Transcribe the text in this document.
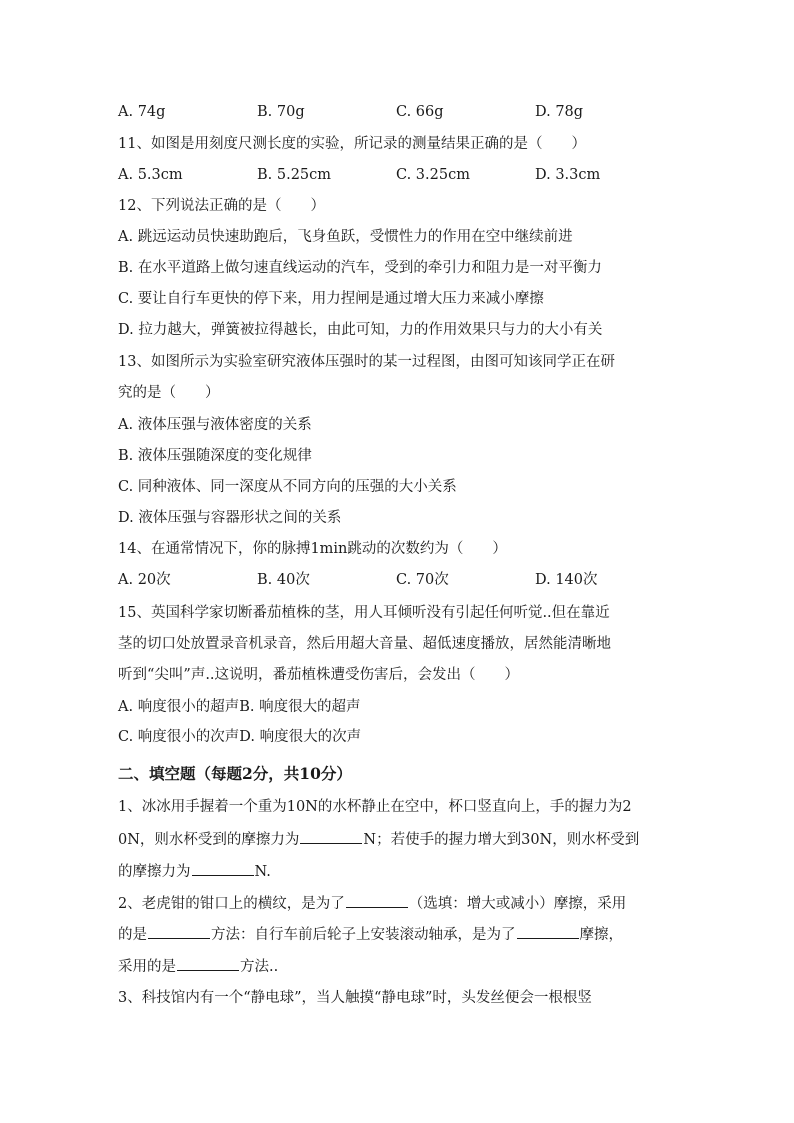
A. 74g	B. 70g	C. 66g	D. 78g
11、如图是用刻度尺测长度的实验，所记录的测量结果正确的是（　　）
A. 5.3cm	B. 5.25cm	C. 3.25cm	D. 3.3cm
12、下列说法正确的是（　　）
A. 跳远运动员快速助跑后，飞身鱼跃，受惯性力的作用在空中继续前进
B. 在水平道路上做匀速直线运动的汽车，受到的牵引力和阻力是一对平衡力
C. 要让自行车更快的停下来，用力捏闸是通过增大压力来减小摩擦
D. 拉力越大，弹簧被拉得越长，由此可知，力的作用效果只与力的大小有关
13、如图所示为实验室研究液体压强时的某一过程图，由图可知该同学正在研
究的是（　　）
A. 液体压强与液体密度的关系
B. 液体压强随深度的变化规律
C. 同种液体、同一深度从不同方向的压强的大小关系
D. 液体压强与容器形状之间的关系
14、在通常情况下，你的脉搏1min跳动的次数约为（　　）
A. 20次	B. 40次	C. 70次	D. 140次
15、英国科学家切断番茄植株的茎，用人耳倾听没有引起任何听觉..但在靠近
茎的切口处放置录音机录音，然后用超大音量、超低速度播放，居然能清晰地
听到“尖叫”声..这说明，番茄植株遭受伤害后，会发出（　　）
A. 响度很小的超声B. 响度很大的超声
C. 响度很小的次声D. 响度很大的次声
二、填空题（每题2分，共10分）
1、冰冰用手握着一个重为10N的水杯静止在空中，杯口竖直向上，手的握力为2
0N，则水杯受到的摩擦力为	N；若使手的握力增大到30N，则水杯受到
的摩擦力为	N.
2、老虎钳的钳口上的横纹，是为了	（选填：增大或减小）摩擦，采用
的是	方法：自行车前后轮子上安装滚动轴承，是为了	摩擦，
采用的是	方法..
3、科技馆内有一个“静电球”，当人触摸“静电球”时，头发丝便会一根根竖
